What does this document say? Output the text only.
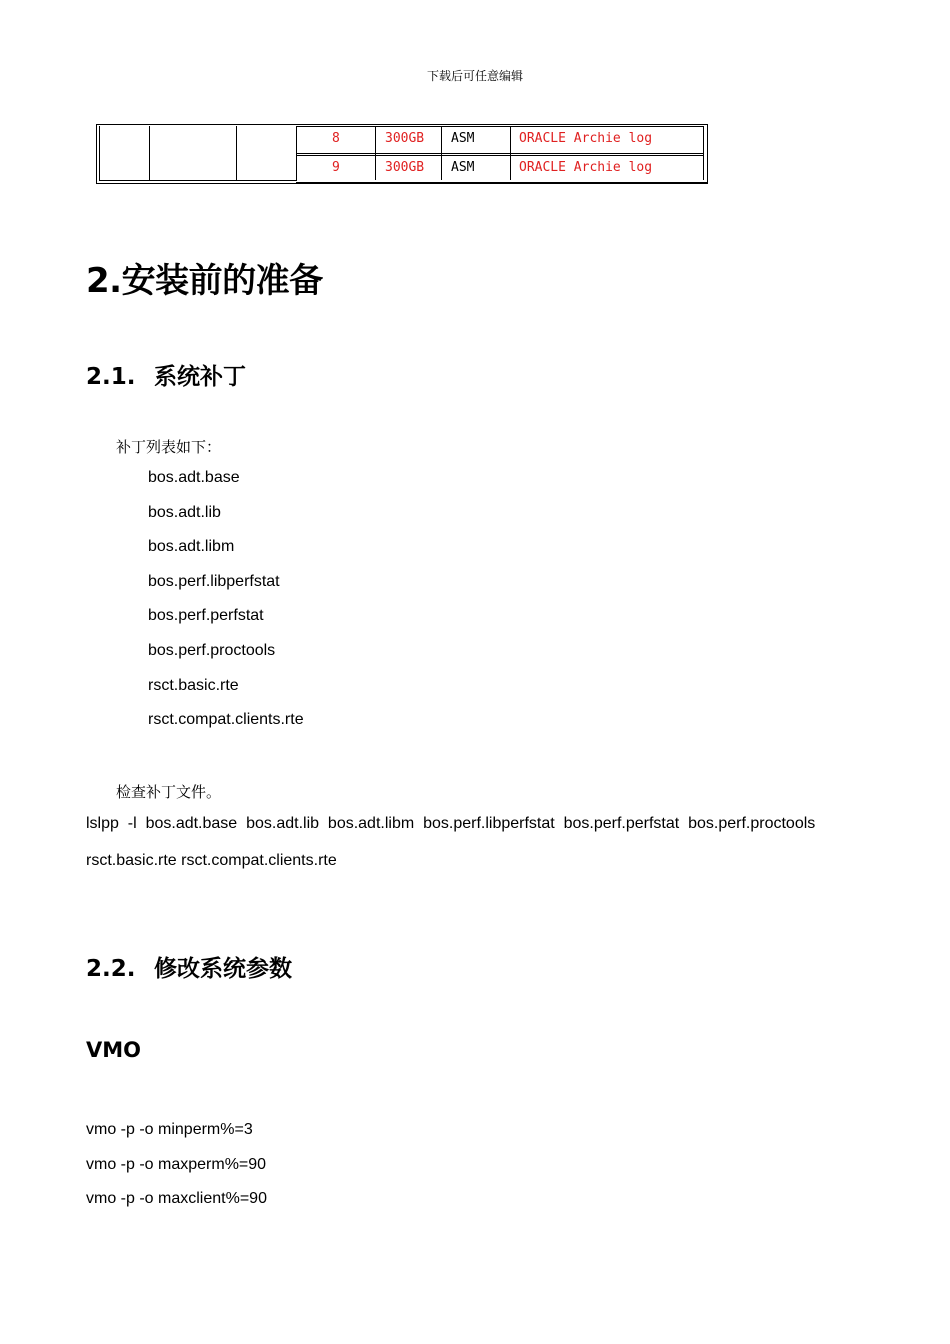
下载后可任意编辑
8	300GB ASM	ORACLE Archie log
9	300GB ASM	ORACLE Archie log
2.安装前的准备
2.1. 系统补丁
补丁列表如下：
bos.adt.base
bos.adt.lib
bos.adt.libm
bos.perf.libperfstat
bos.perf.perfstat
bos.perf.proctools
rsct.basic.rte
rsct.compat.clients.rte
检查补丁文件。
lslpp  -l  bos.adt.base  bos.adt.lib  bos.adt.libm  bos.perf.libperfstat  bos.perf.perfstat  bos.perf.proctools
rsct.basic.rte rsct.compat.clients.rte
2.2. 修改系统参数
VMO
vmo -p -o minperm%=3
vmo -p -o maxperm%=90
vmo -p -o maxclient%=90
